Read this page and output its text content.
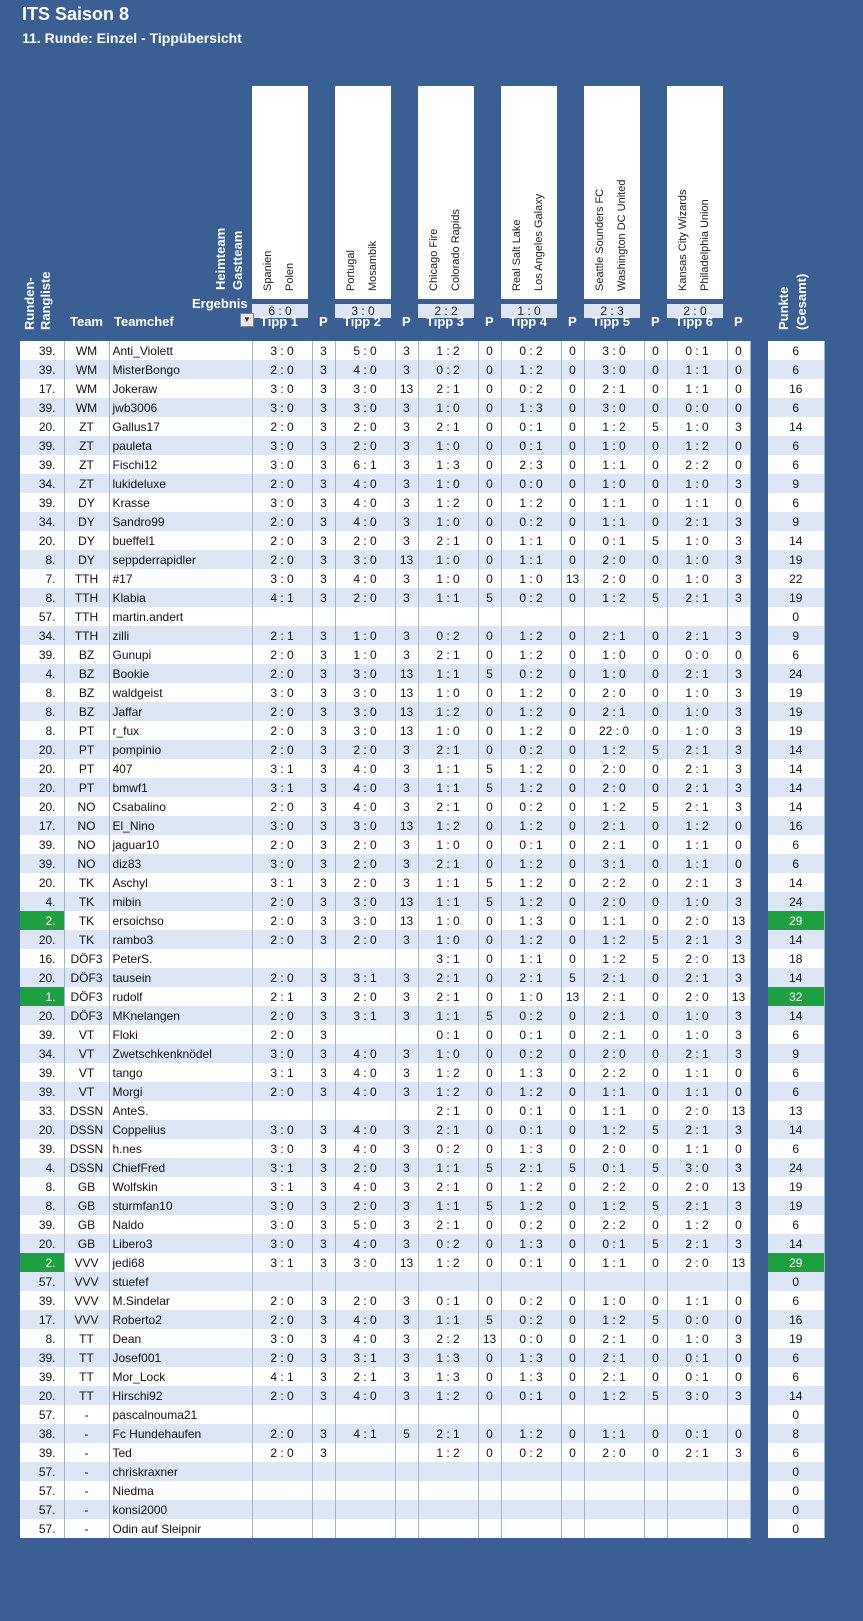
ITS Saison 8
11. Runde: Einzel - Tippübersicht
Spanien Polen
6 : 0
Tipp 1 P
Portugal Mosambik
3 : 0
Tipp 2 P
Chicago Fire Colorado Rapids
2 : 2
Tipp 3 P
Real Salt Lake Los Angeles Galaxy
1 : 0
Tipp 4 P
Seattle Sounders FC Washington DC United
2 : 3
Tipp 5 P
Kansas City Wizards Philadelphia Union
2 : 0
Tipp 6 P
Heimteam Gastteam
Ergebnis
Runden- Rangliste Team Teamchef	Punkte (Gesamt)
▼
39.	WM	Anti_Violett	3 : 0	3	5 : 0	3	1 : 2	0	0 : 2	0	3 : 0	0	0 : 1	0		6
39.	WM	MisterBongo	2 : 0	3	4 : 0	3	0 : 2	0	1 : 2	0	3 : 0	0	1 : 1	0		6
17.	WM	Jokeraw	3 : 0	3	3 : 0	13	2 : 1	0	0 : 2	0	2 : 1	0	1 : 1	0		16
39.	WM	jwb3006	3 : 0	3	3 : 0	3	1 : 0	0	1 : 3	0	3 : 0	0	0 : 0	0		6
20.	ZT	Gallus17	2 : 0	3	2 : 0	3	2 : 1	0	0 : 1	0	1 : 2	5	1 : 0	3		14
39.	ZT	pauleta	3 : 0	3	2 : 0	3	1 : 0	0	0 : 1	0	1 : 0	0	1 : 2	0		6
39.	ZT	Fischi12	3 : 0	3	6 : 1	3	1 : 3	0	2 : 3	0	1 : 1	0	2 : 2	0		6
34.	ZT	lukideluxe	2 : 0	3	4 : 0	3	1 : 0	0	0 : 0	0	1 : 0	0	1 : 0	3		9
39.	DY	Krasse	3 : 0	3	4 : 0	3	1 : 2	0	1 : 2	0	1 : 1	0	1 : 1	0		6
34.	DY	Sandro99	2 : 0	3	4 : 0	3	1 : 0	0	0 : 2	0	1 : 1	0	2 : 1	3		9
20.	DY	bueffel1	2 : 0	3	2 : 0	3	2 : 1	0	1 : 1	0	0 : 1	5	1 : 0	3		14
8.	DY	seppderrapidler	2 : 0	3	3 : 0	13	1 : 0	0	1 : 1	0	2 : 0	0	1 : 0	3		19
7.	TTH	#17	3 : 0	3	4 : 0	3	1 : 0	0	1 : 0	13	2 : 0	0	1 : 0	3		22
8.	TTH	Klabia	4 : 1	3	2 : 0	3	1 : 1	5	0 : 2	0	1 : 2	5	2 : 1	3		19
57.	TTH	martin.andert														0
34.	TTH	zilli	2 : 1	3	1 : 0	3	0 : 2	0	1 : 2	0	2 : 1	0	2 : 1	3		9
39.	BZ	Gunupi	2 : 0	3	1 : 0	3	2 : 1	0	1 : 2	0	1 : 0	0	0 : 0	0		6
4.	BZ	Bookie	2 : 0	3	3 : 0	13	1 : 1	5	0 : 2	0	1 : 0	0	2 : 1	3		24
8.	BZ	waldgeist	3 : 0	3	3 : 0	13	1 : 0	0	1 : 2	0	2 : 0	0	1 : 0	3		19
8.	BZ	Jaffar	2 : 0	3	3 : 0	13	1 : 2	0	1 : 2	0	2 : 1	0	1 : 0	3		19
8.	PT	r_fux	2 : 0	3	3 : 0	13	1 : 0	0	1 : 2	0	22 : 0	0	1 : 0	3		19
20.	PT	pompinio	2 : 0	3	2 : 0	3	2 : 1	0	0 : 2	0	1 : 2	5	2 : 1	3		14
20.	PT	407	3 : 1	3	4 : 0	3	1 : 1	5	1 : 2	0	2 : 0	0	2 : 1	3		14
20.	PT	bmwf1	3 : 1	3	4 : 0	3	1 : 1	5	1 : 2	0	2 : 0	0	2 : 1	3		14
20.	NO	Csabalino	2 : 0	3	4 : 0	3	2 : 1	0	0 : 2	0	1 : 2	5	2 : 1	3		14
17.	NO	El_Nino	3 : 0	3	3 : 0	13	1 : 2	0	1 : 2	0	2 : 1	0	1 : 2	0		16
39.	NO	jaguar10	2 : 0	3	2 : 0	3	1 : 0	0	0 : 1	0	2 : 1	0	1 : 1	0		6
39.	NO	diz83	3 : 0	3	2 : 0	3	2 : 1	0	1 : 2	0	3 : 1	0	1 : 1	0		6
20.	TK	Aschyl	3 : 1	3	2 : 0	3	1 : 1	5	1 : 2	0	2 : 2	0	2 : 1	3		14
4.	TK	mibin	2 : 0	3	3 : 0	13	1 : 1	5	1 : 2	0	2 : 0	0	1 : 0	3		24
2.	TK	ersoichso	2 : 0	3	3 : 0	13	1 : 0	0	1 : 3	0	1 : 1	0	2 : 0	13		29
20.	TK	rambo3	2 : 0	3	2 : 0	3	1 : 0	0	1 : 2	0	1 : 2	5	2 : 1	3		14
16.	DÖF3	PeterS.					3 : 1	0	1 : 1	0	1 : 2	5	2 : 0	13		18
20.	DÖF3	tausein	2 : 0	3	3 : 1	3	2 : 1	0	2 : 1	5	2 : 1	0	2 : 1	3		14
1.	DÖF3	rudolf	2 : 1	3	2 : 0	3	2 : 1	0	1 : 0	13	2 : 1	0	2 : 0	13		32
20.	DÖF3	MKnelangen	2 : 0	3	3 : 1	3	1 : 1	5	0 : 2	0	2 : 1	0	1 : 0	3		14
39.	VT	Floki	2 : 0	3			0 : 1	0	0 : 1	0	2 : 1	0	1 : 0	3		6
34.	VT	Zwetschkenknödel	3 : 0	3	4 : 0	3	1 : 0	0	0 : 2	0	2 : 0	0	2 : 1	3		9
39.	VT	tango	3 : 1	3	4 : 0	3	1 : 2	0	1 : 3	0	2 : 2	0	1 : 1	0		6
39.	VT	Morgi	2 : 0	3	4 : 0	3	1 : 2	0	1 : 2	0	1 : 1	0	1 : 1	0		6
33.	DSSN	AnteS.					2 : 1	0	0 : 1	0	1 : 1	0	2 : 0	13		13
20.	DSSN	Coppelius	3 : 0	3	4 : 0	3	2 : 1	0	0 : 1	0	1 : 2	5	2 : 1	3		14
39.	DSSN	h.nes	3 : 0	3	4 : 0	3	0 : 2	0	1 : 3	0	2 : 0	0	1 : 1	0		6
4.	DSSN	ChiefFred	3 : 1	3	2 : 0	3	1 : 1	5	2 : 1	5	0 : 1	5	3 : 0	3		24
8.	GB	Wolfskin	3 : 1	3	4 : 0	3	2 : 1	0	1 : 2	0	2 : 2	0	2 : 0	13		19
8.	GB	sturmfan10	3 : 0	3	2 : 0	3	1 : 1	5	1 : 2	0	1 : 2	5	2 : 1	3		19
39.	GB	Naldo	3 : 0	3	5 : 0	3	2 : 1	0	0 : 2	0	2 : 2	0	1 : 2	0		6
20.	GB	Libero3	3 : 0	3	4 : 0	3	0 : 2	0	1 : 3	0	0 : 1	5	2 : 1	3		14
2.	VVV	jedi68	3 : 1	3	3 : 0	13	1 : 2	0	0 : 1	0	1 : 1	0	2 : 0	13		29
57.	VVV	stuefef														0
39.	VVV	M.Sindelar	2 : 0	3	2 : 0	3	0 : 1	0	0 : 2	0	1 : 0	0	1 : 1	0		6
17.	VVV	Roberto2	2 : 0	3	4 : 0	3	1 : 1	5	0 : 2	0	1 : 2	5	0 : 0	0		16
8.	TT	Dean	3 : 0	3	4 : 0	3	2 : 2	13	0 : 0	0	2 : 1	0	1 : 0	3		19
39.	TT	Josef001	2 : 0	3	3 : 1	3	1 : 3	0	1 : 3	0	2 : 1	0	0 : 1	0		6
39.	TT	Mor_Lock	4 : 1	3	2 : 1	3	1 : 3	0	1 : 3	0	2 : 1	0	0 : 1	0		6
20.	TT	Hirschi92	2 : 0	3	4 : 0	3	1 : 2	0	0 : 1	0	1 : 2	5	3 : 0	3		14
57.	-	pascalnouma21														0
38.	-	Fc Hundehaufen	2 : 0	3	4 : 1	5	2 : 1	0	1 : 2	0	1 : 1	0	0 : 1	0		8
39.	-	Ted	2 : 0	3			1 : 2	0	0 : 2	0	2 : 0	0	2 : 1	3		6
57.	-	chriskraxner														0
57.	-	Niedma														0
57.	-	konsi2000														0
57.	-	Odin auf Sleipnir														0
